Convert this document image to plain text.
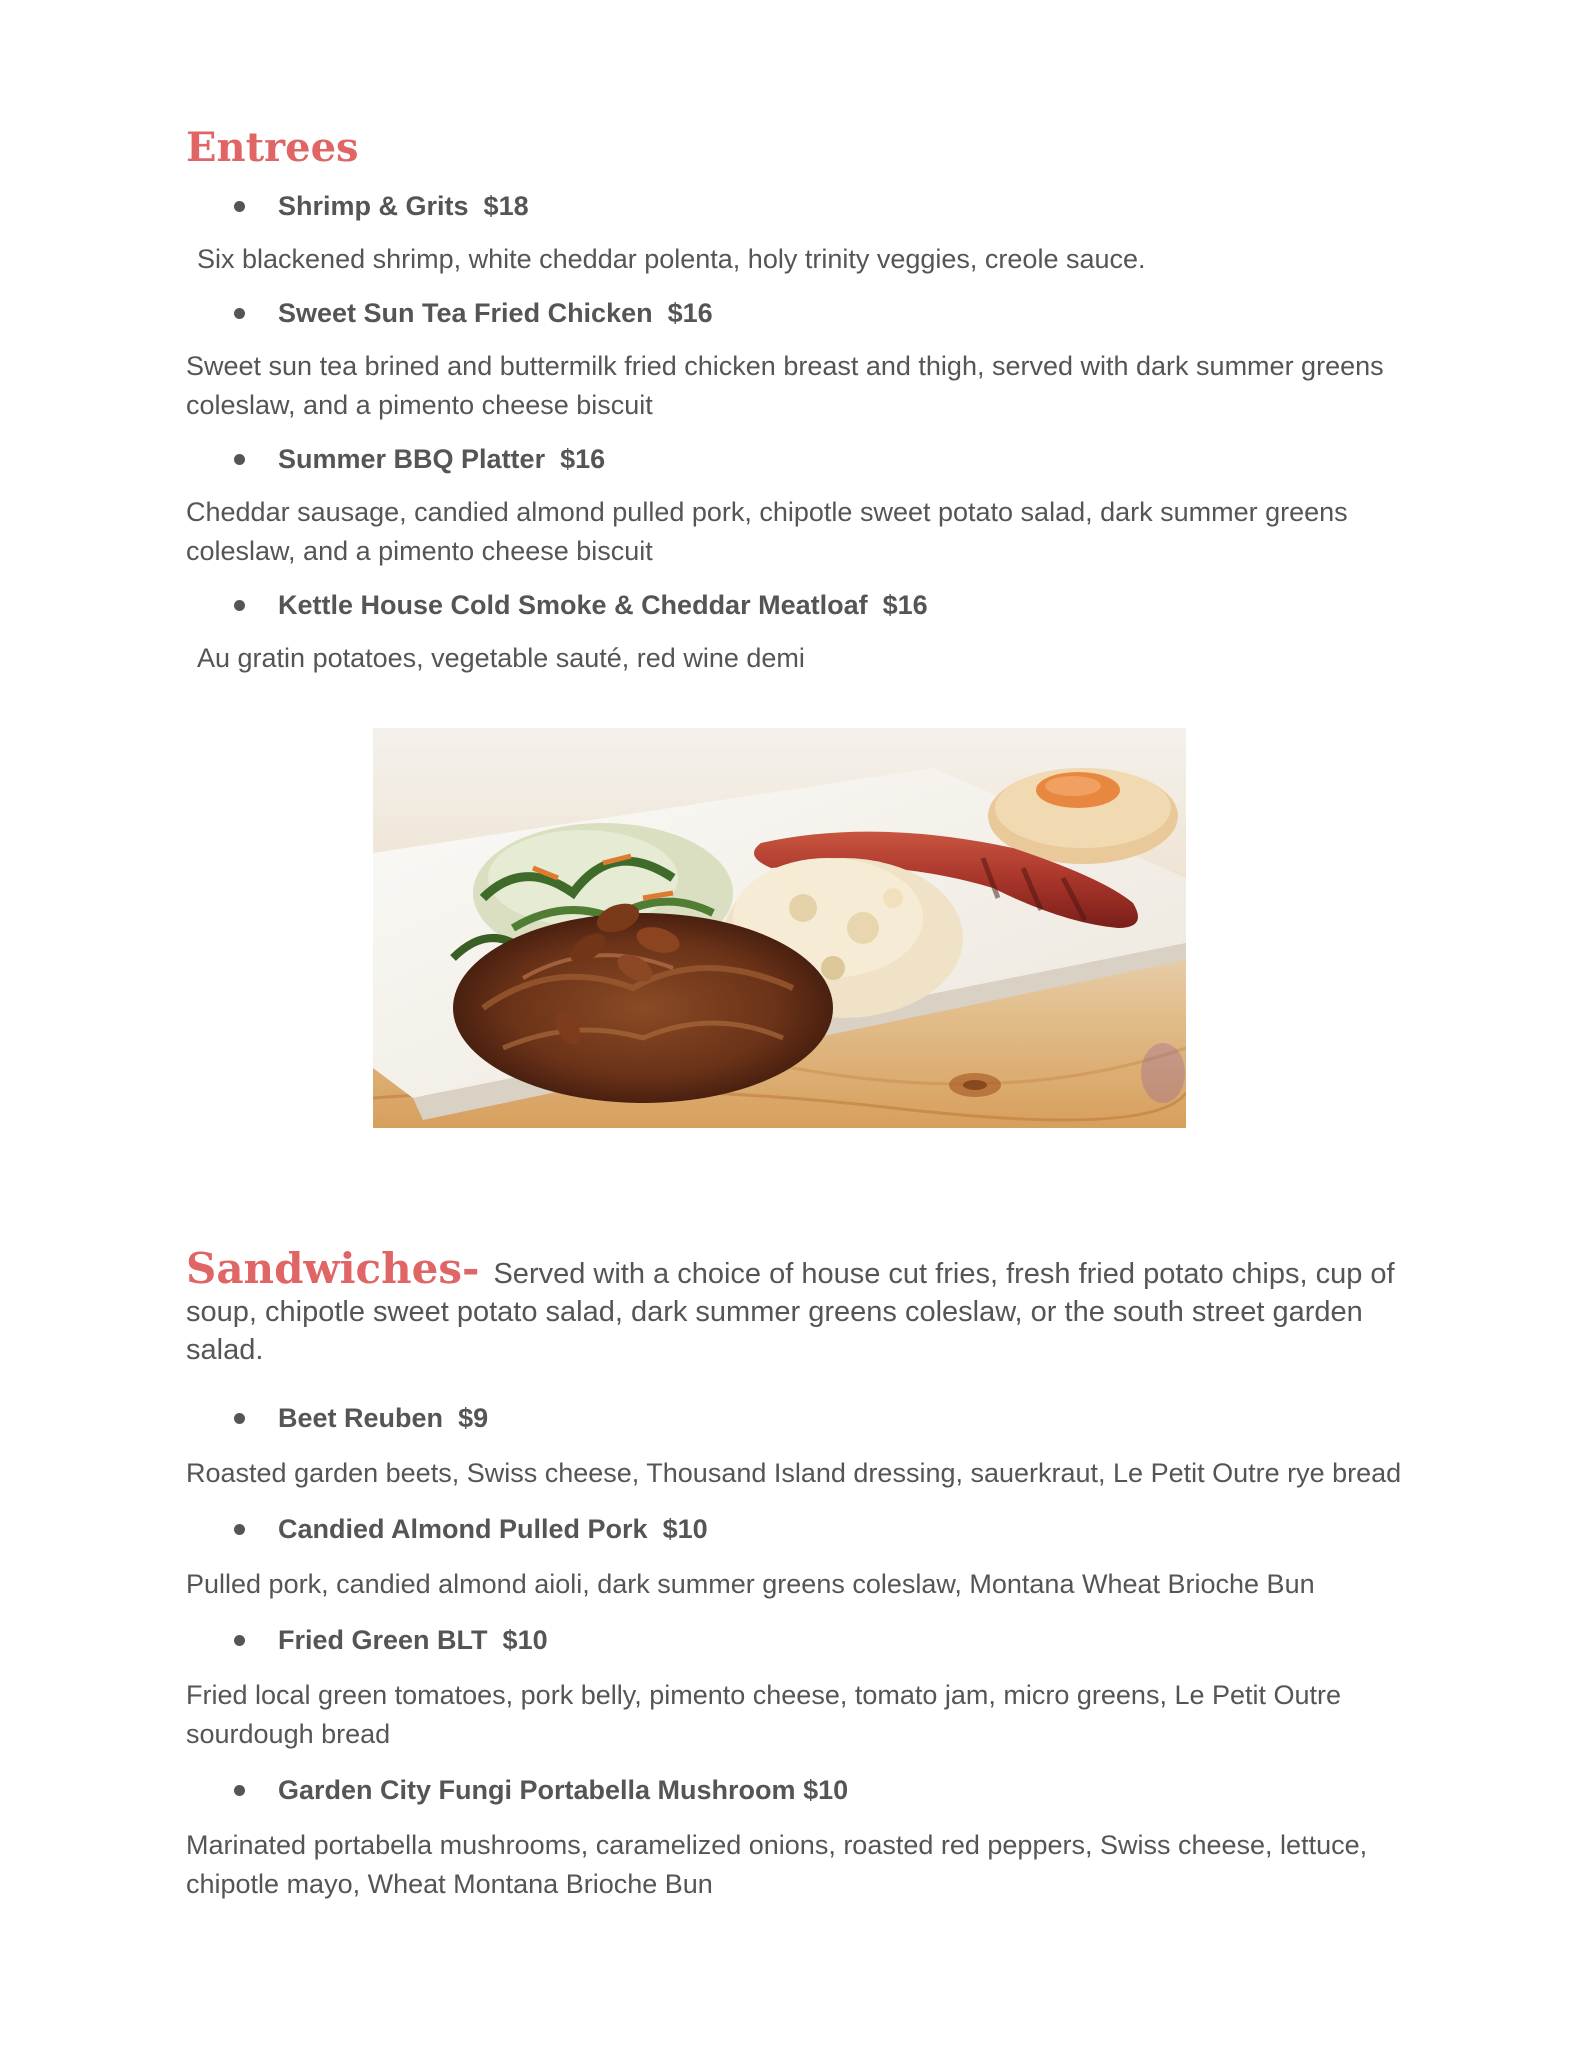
Entrees

Shrimp & Grits $18

Six blackened shrimp, white cheddar polenta, holy trinity veggies, creole sauce.

Sweet Sun Tea Fried Chicken $16

Sweet sun tea brined and buttermilk fried chicken breast and thigh, served with dark summer greens coleslaw, and a pimento cheese biscuit

Summer BBQ Platter $16

Cheddar sausage, candied almond pulled pork, chipotle sweet potato salad, dark summer greens coleslaw, and a pimento cheese biscuit

Kettle House Cold Smoke & Cheddar Meatloaf $16

Au gratin potatoes, vegetable sauté, red wine demi

Sandwiches- Served with a choice of house cut fries, fresh fried potato chips, cup of soup, chipotle sweet potato salad, dark summer greens coleslaw, or the south street garden salad.

Beet Reuben $9

Roasted garden beets, Swiss cheese, Thousand Island dressing, sauerkraut, Le Petit Outre rye bread

Candied Almond Pulled Pork $10

Pulled pork, candied almond aioli, dark summer greens coleslaw, Montana Wheat Brioche Bun

Fried Green BLT $10

Fried local green tomatoes, pork belly, pimento cheese, tomato jam, micro greens, Le Petit Outre sourdough bread

Garden City Fungi Portabella Mushroom $10

Marinated portabella mushrooms, caramelized onions, roasted red peppers, Swiss cheese, lettuce, chipotle mayo, Wheat Montana Brioche Bun
